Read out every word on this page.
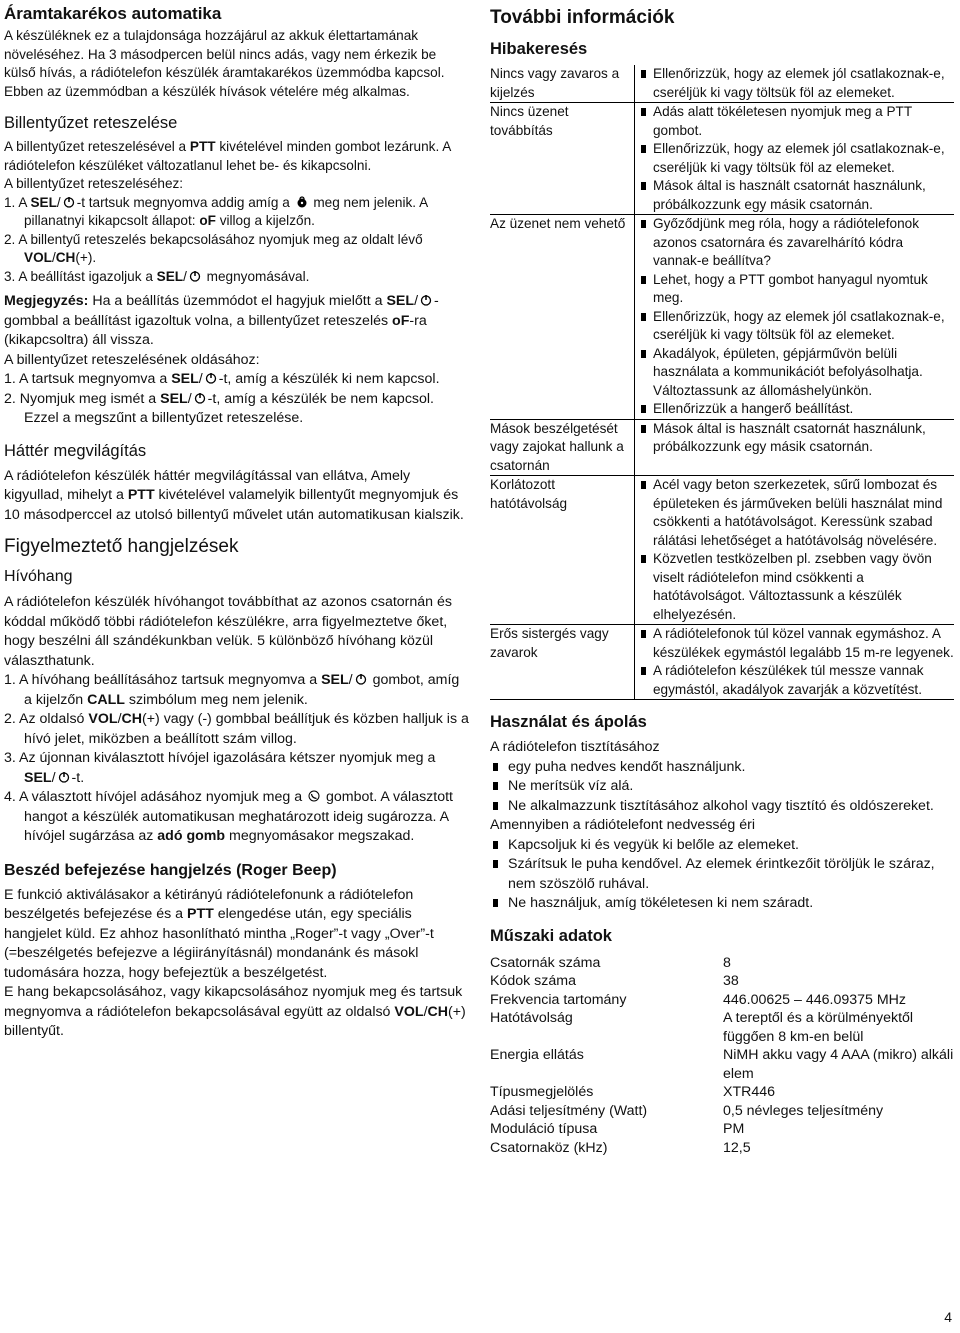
Áramtakarékos automatika

A készüléknek ez a tulajdonsága hozzájárul az akkuk élettartamának növeléséhez. Ha 3 másodpercen belül nincs adás, vagy nem érkezik be külső hívás, a rádiótelefon készülék áramtakarékos üzemmódba kapcsol. Ebben az üzemmódban a készülék hívások vételére még alkalmas.

Billentyűzet reteszelése

A billentyűzet reteszelésével a PTT kivételével minden gombot lezárunk. A rádiótelefon készüléket változatlanul lehet be- és kikapcsolni.

A billentyűzet reteszeléséhez:

1. A SEL/ -t tartsuk megnyomva addig amíg a meg nem jelenik. A pillanatnyi kikapcsolt állapot: oF villog a kijelzőn.

2. A billentyű reteszelés bekapcsolásához nyomjuk meg az oldalt lévő VOL/CH(+).

3. A beállítást igazoljuk a SEL/ megnyomásával.

Megjegyzés: Ha a beállítás üzemmódot el hagyjuk mielőtt a SEL/ -gombbal a beállítást igazoltuk volna, a billentyűzet reteszelés oF-ra (kikapcsoltra) áll vissza.

A billentyűzet reteszelésének oldásához:

1. A tartsuk megnyomva a SEL/ -t, amíg a készülék ki nem kapcsol.

2. Nyomjuk meg ismét a SEL/ -t, amíg a készülék be nem kapcsol. Ezzel a megszűnt a billentyűzet reteszelése.

Háttér megvilágítás

A rádiótelefon készülék háttér megvilágítással van ellátva, Amely kigyullad, mihelyt a PTT kivételével valamelyik billentyűt megnyomjuk és 10 másodperccel az utolsó billentyű művelet után automatikusan kialszik.

Figyelmeztető hangjelzések

Hívóhang

A rádiótelefon készülék hívóhangot továbbíthat az azonos csatornán és kóddal működő többi rádiótelefon készülékre, arra figyelmeztetve őket, hogy beszélni áll szándékunkban velük. 5 különböző hívóhang közül választhatunk.

1. A hívóhang beállításához tartsuk megnyomva a SEL/ gombot, amíg a kijelzőn CALL szimbólum meg nem jelenik.

2. Az oldalsó VOL/CH(+) vagy (-) gombbal beállítjuk és közben halljuk is a hívó jelet, miközben a beállított szám villog.

3. Az újonnan kiválasztott hívójel igazolására kétszer nyomjuk meg a SEL/ -t.

4. A választott hívójel adásához nyomjuk meg a gombot. A választott hangot a készülék automatikusan meghatározott ideig sugározza. A hívójel sugárzása az adó gomb megnyomásakor megszakad.

Beszéd befejezése hangjelzés (Roger Beep)

E funkció aktiválásakor a kétirányú rádiótelefonunk a rádiótelefon beszélgetés befejezése és a PTT elengedése után, egy speciális hangjelet küld. Ez ahhoz hasonlítható mintha „Roger”-t vagy „Over”-t (=beszélgetés befejezve a légiirányításnál) mondanánk és másokl tudomására hozza, hogy befejeztük a beszélgetést.

E hang bekapcsolásához, vagy kikapcsolásához nyomjuk meg és tartsuk megnyomva a rádiótelefon bekapcsolásával együtt az oldalsó VOL/CH(+) billentyűt.

További információk

Hibakeresés

Nincs vagy zavaros a kijelzés	Ellenőrizzük, hogy az elemek jól csatlakoznak-e, cseréljük ki vagy töltsük föl az elemeket.

Nincs üzenet továbbítás	Adás alatt tökéletesen nyomjuk meg a PTT gombot.
Ellenőrizzük, hogy az elemek jól csatlakoznak-e, cseréljük ki vagy töltsük föl az elemeket.
Mások által is használt csatornát használunk, próbálkozzunk egy másik csatornán.

Az üzenet nem vehető	Győződjünk meg róla, hogy a rádiótelefonok azonos csatornára és zavarelhárító kódra vannak-e beállítva?
Lehet, hogy a PTT gombot hanyagul nyomtuk meg.
Ellenőrizzük, hogy az elemek jól csatlakoznak-e, cseréljük ki vagy töltsük föl az elemeket.
Akadályok, épületen, gépjárművön belüli használata a kommunikációt befolyásolhatja. Változtassunk az állomáshelyünkön.
Ellenőrizzük a hangerő beállítást.

Mások beszélgetését vagy zajokat hallunk a csatornán	Mások által is használt csatornát használunk, próbálkozzunk egy másik csatornán.

Korlátozott hatótávolság	Acél vagy beton szerkezetek, sűrű lombozat és épületeken és járműveken belüli használat mind csökkenti a hatótávolságot. Keressünk szabad rálátási lehetőséget a hatótávolság növelésére.
Közvetlen testközelben pl. zsebben vagy övön viselt rádiótelefon mind csökkenti a hatótávolságot. Változtassunk a készülék elhelyezésén.

Erős sistergés vagy zavarok	A rádiótelefonok túl közel vannak egymáshoz. A készülékek egymástól legalább 15 m-re legyenek.
A rádiótelefon készülékek túl messze vannak egymástól, akadályok zavarják a közvetítést.

Használat és ápolás

A rádiótelefon tisztításához

egy puha nedves kendőt használjunk.

Ne merítsük víz alá.

Ne alkalmazzunk tisztításához alkohol vagy tisztító és oldószereket.

Amennyiben a rádiótelefont nedvesség éri

Kapcsoljuk ki és vegyük ki belőle az elemeket.

Szárítsuk le puha kendővel. Az elemek érintkezőit töröljük le száraz, nem szöszölő ruhával.

Ne használjuk, amíg tökéletesen ki nem száradt.

Műszaki adatok

Csatornák száma	8
Kódok száma	38
Frekvencia tartomány	446.00625 – 446.09375 MHz
Hatótávolság	A tereptől és a körülményektől függően 8 km-en belül
Energia ellátás	NiMH akku vagy 4 AAA (mikro) alkáli elem
Típusmegjelölés	XTR446
Adási teljesítmény (Watt)	0,5 névleges teljesítmény
Moduláció típusa	PM
Csatornaköz (kHz)	12,5
4
